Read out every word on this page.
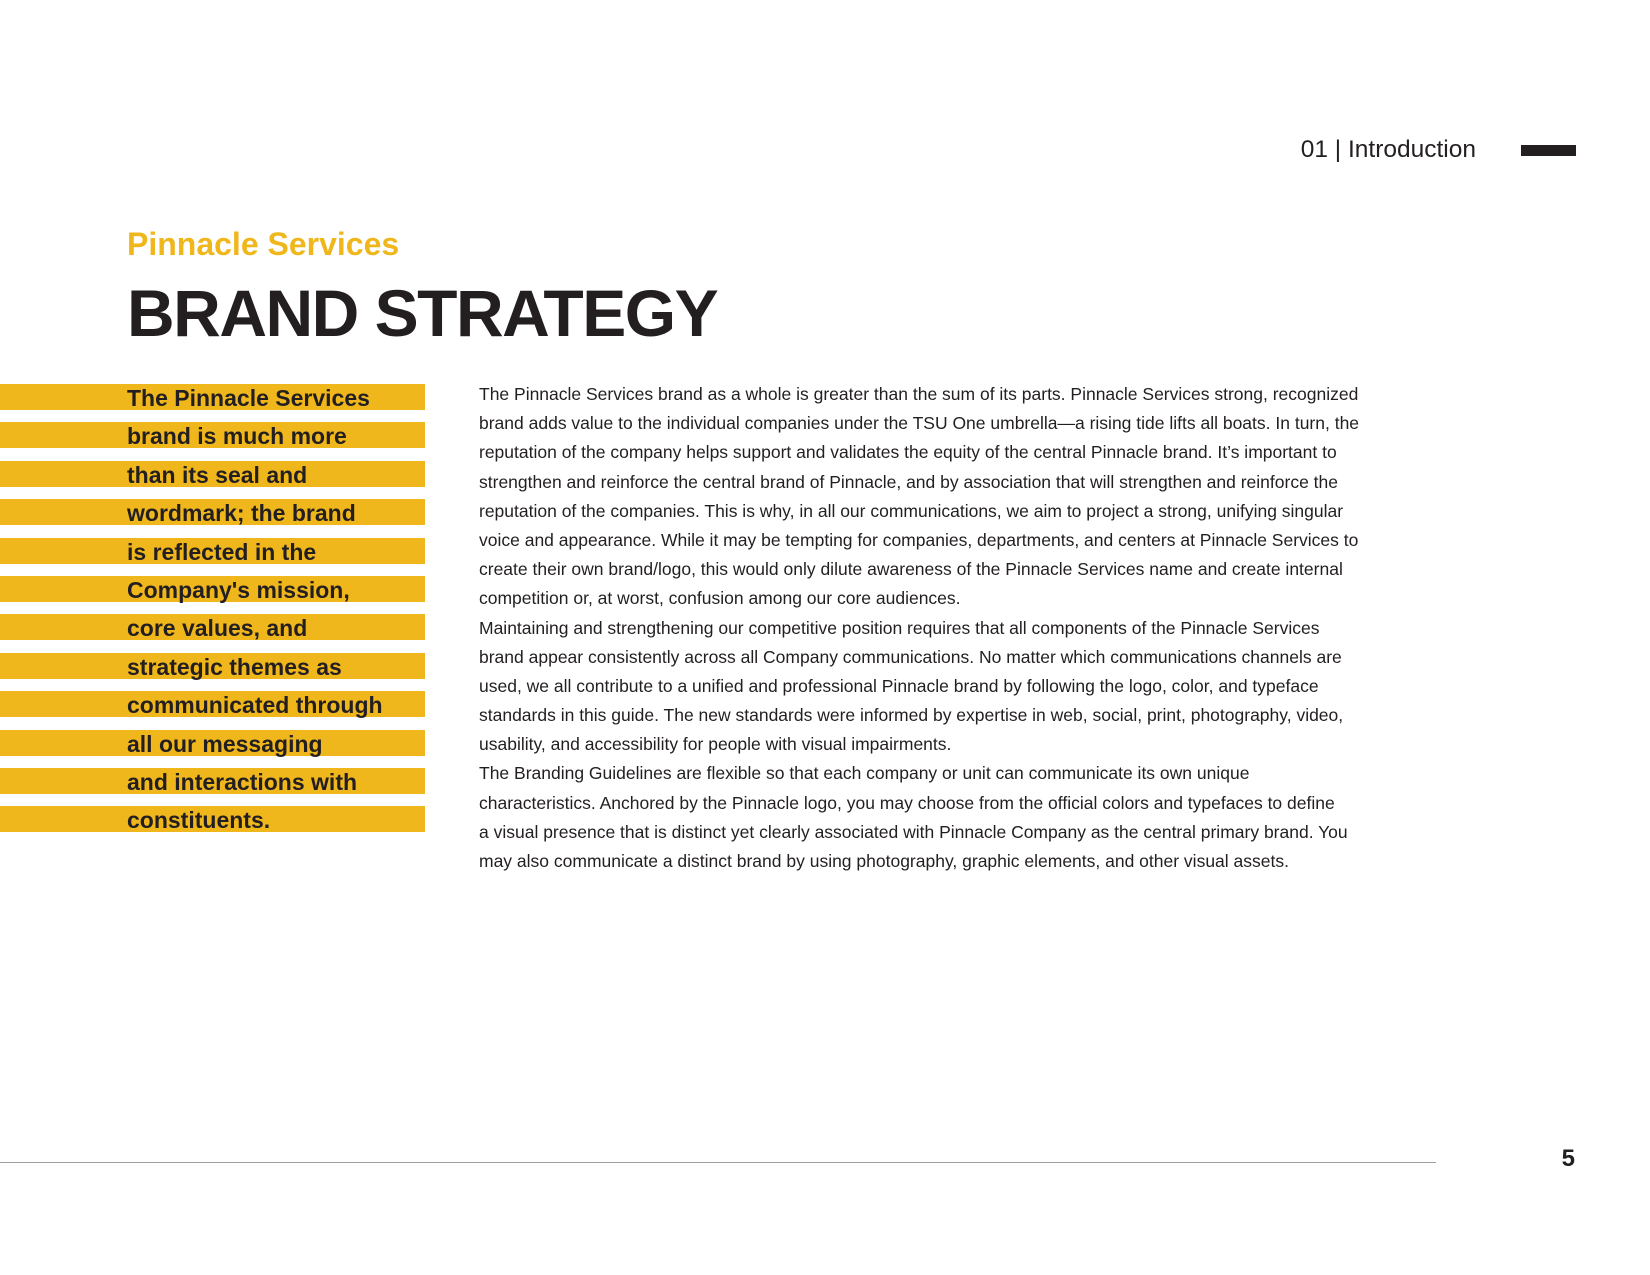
01 | Introduction
Pinnacle Services
BRAND STRATEGY
The Pinnacle Services
brand is much more
than its seal and
wordmark; the brand
is reflected in the
Company's mission,
core values, and
strategic themes as
communicated through
all our messaging
and interactions with
constituents.
The Pinnacle Services brand as a whole is greater than the sum of its parts. Pinnacle Services strong, recognized
brand adds value to the individual companies under the TSU One umbrella—a rising tide lifts all boats. In turn, the
reputation of the company helps support and validates the equity of the central Pinnacle brand. It’s important to
strengthen and reinforce the central brand of Pinnacle, and by association that will strengthen and reinforce the
reputation of the companies. This is why, in all our communications, we aim to project a strong, unifying singular
voice and appearance. While it may be tempting for companies, departments, and centers at Pinnacle Services to
create their own brand/logo, this would only dilute awareness of the Pinnacle Services name and create internal
competition or, at worst, confusion among our core audiences.
Maintaining and strengthening our competitive position requires that all components of the Pinnacle Services
brand appear consistently across all Company communications. No matter which communications channels are
used, we all contribute to a unified and professional Pinnacle brand by following the logo, color, and typeface
standards in this guide. The new standards were informed by expertise in web, social, print, photography, video,
usability, and accessibility for people with visual impairments.
The Branding Guidelines are flexible so that each company or unit can communicate its own unique
characteristics. Anchored by the Pinnacle logo, you may choose from the official colors and typefaces to define
a visual presence that is distinct yet clearly associated with Pinnacle Company as the central primary brand. You
may also communicate a distinct brand by using photography, graphic elements, and other visual assets.
5
